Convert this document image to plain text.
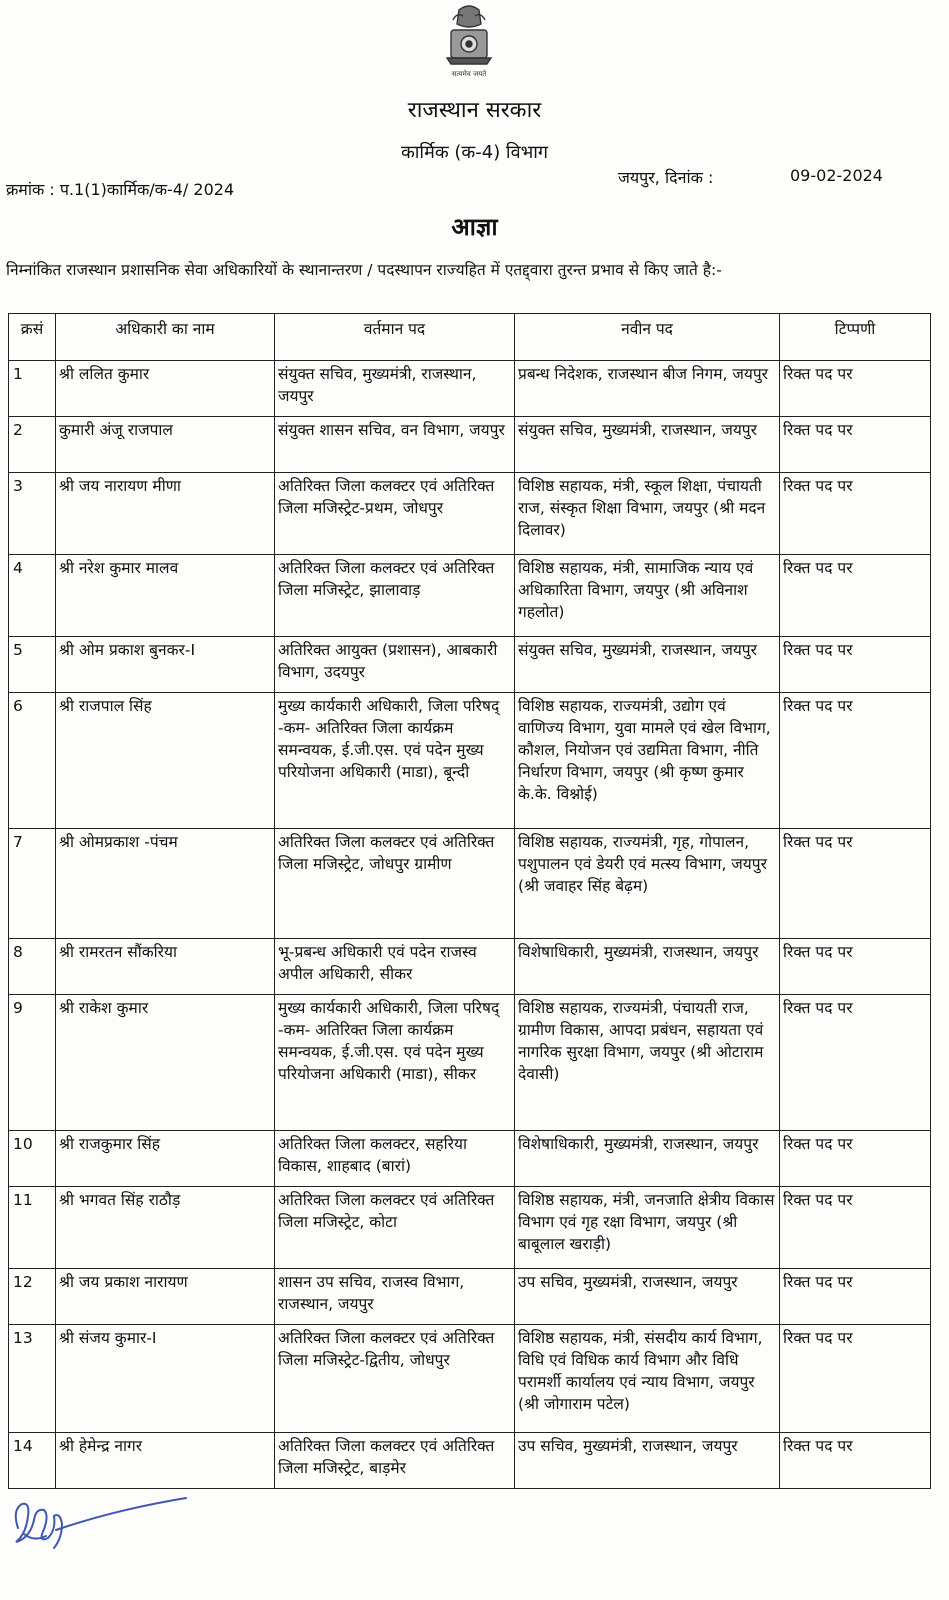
सत्यमेव जयते
राजस्थान सरकार
कार्मिक (क-4) विभाग
क्रमांक : प.1(1)कार्मिक/क-4/ 2024
जयपुर, दिनांक :	09-02-2024
आज्ञा
निम्नांकित राजस्थान प्रशासनिक सेवा अधिकारियों के स्थानान्तरण / पदस्थापन राज्यहित में एतद्द्वारा तुरन्त प्रभाव से किए जाते है:-
क्रसं	अधिकारी का नाम	वर्तमान पद	नवीन पद	टिप्पणी
1	श्री ललित कुमार	संयुक्त सचिव, मुख्यमंत्री, राजस्थान, जयपुर	प्रबन्ध निदेशक, राजस्थान बीज निगम, जयपुर	रिक्त पद पर
2	कुमारी अंजू राजपाल	संयुक्त शासन सचिव, वन विभाग, जयपुर	संयुक्त सचिव, मुख्यमंत्री, राजस्थान, जयपुर	रिक्त पद पर
3	श्री जय नारायण मीणा	अतिरिक्त जिला कलक्टर एवं अतिरिक्त जिला मजिस्ट्रेट-प्रथम, जोधपुर	विशिष्ठ सहायक, मंत्री, स्कूल शिक्षा, पंचायती राज, संस्कृत शिक्षा विभाग, जयपुर (श्री मदन दिलावर)	रिक्त पद पर
4	श्री नरेश कुमार मालव	अतिरिक्त जिला कलक्टर एवं अतिरिक्त जिला मजिस्ट्रेट, झालावाड़	विशिष्ठ सहायक, मंत्री, सामाजिक न्याय एवं अधिकारिता विभाग, जयपुर (श्री अविनाश गहलोत)	रिक्त पद पर
5	श्री ओम प्रकाश बुनकर-I	अतिरिक्त आयुक्त (प्रशासन), आबकारी विभाग, उदयपुर	संयुक्त सचिव, मुख्यमंत्री, राजस्थान, जयपुर	रिक्त पद पर
6	श्री राजपाल सिंह	मुख्य कार्यकारी अधिकारी, जिला परिषद् -कम- अतिरिक्त जिला कार्यक्रम समन्वयक, ई.जी.एस. एवं पदेन मुख्य परियोजना अधिकारी (माडा), बून्दी	विशिष्ठ सहायक, राज्यमंत्री, उद्योग एवं वाणिज्य विभाग, युवा मामले एवं खेल विभाग, कौशल, नियोजन एवं उद्यमिता विभाग, नीति निर्धारण विभाग, जयपुर (श्री कृष्ण कुमार के.के. विश्नोई)	रिक्त पद पर
7	श्री ओमप्रकाश -पंचम	अतिरिक्त जिला कलक्टर एवं अतिरिक्त जिला मजिस्ट्रेट, जोधपुर ग्रामीण	विशिष्ठ सहायक, राज्यमंत्री, गृह, गोपालन, पशुपालन एवं डेयरी एवं मत्स्य विभाग, जयपुर (श्री जवाहर सिंह बेढ़म)	रिक्त पद पर
8	श्री रामरतन सौंकरिया	भू-प्रबन्ध अधिकारी एवं पदेन राजस्व अपील अधिकारी, सीकर	विशेषाधिकारी, मुख्यमंत्री, राजस्थान, जयपुर	रिक्त पद पर
9	श्री राकेश कुमार	मुख्य कार्यकारी अधिकारी, जिला परिषद् -कम- अतिरिक्त जिला कार्यक्रम समन्वयक, ई.जी.एस. एवं पदेन मुख्य परियोजना अधिकारी (माडा), सीकर	विशिष्ठ सहायक, राज्यमंत्री, पंचायती राज, ग्रामीण विकास, आपदा प्रबंधन, सहायता एवं नागरिक सुरक्षा विभाग, जयपुर (श्री ओटाराम देवासी)	रिक्त पद पर
10	श्री राजकुमार सिंह	अतिरिक्त जिला कलक्टर, सहरिया विकास, शाहबाद (बारां)	विशेषाधिकारी, मुख्यमंत्री, राजस्थान, जयपुर	रिक्त पद पर
11	श्री भगवत सिंह राठौड़	अतिरिक्त जिला कलक्टर एवं अतिरिक्त जिला मजिस्ट्रेट, कोटा	विशिष्ठ सहायक, मंत्री, जनजाति क्षेत्रीय विकास विभाग एवं गृह रक्षा विभाग, जयपुर (श्री बाबूलाल खराड़ी)	रिक्त पद पर
12	श्री जय प्रकाश नारायण	शासन उप सचिव, राजस्व विभाग, राजस्थान, जयपुर	उप सचिव, मुख्यमंत्री, राजस्थान, जयपुर	रिक्त पद पर
13	श्री संजय कुमार-I	अतिरिक्त जिला कलक्टर एवं अतिरिक्त जिला मजिस्ट्रेट-द्वितीय, जोधपुर	विशिष्ठ सहायक, मंत्री, संसदीय कार्य विभाग, विधि एवं विधिक कार्य विभाग और विधि परामर्शी कार्यालय एवं न्याय विभाग, जयपुर (श्री जोगाराम पटेल)	रिक्त पद पर
14	श्री हेमेन्द्र नागर	अतिरिक्त जिला कलक्टर एवं अतिरिक्त जिला मजिस्ट्रेट, बाड़मेर	उप सचिव, मुख्यमंत्री, राजस्थान, जयपुर	रिक्त पद पर
